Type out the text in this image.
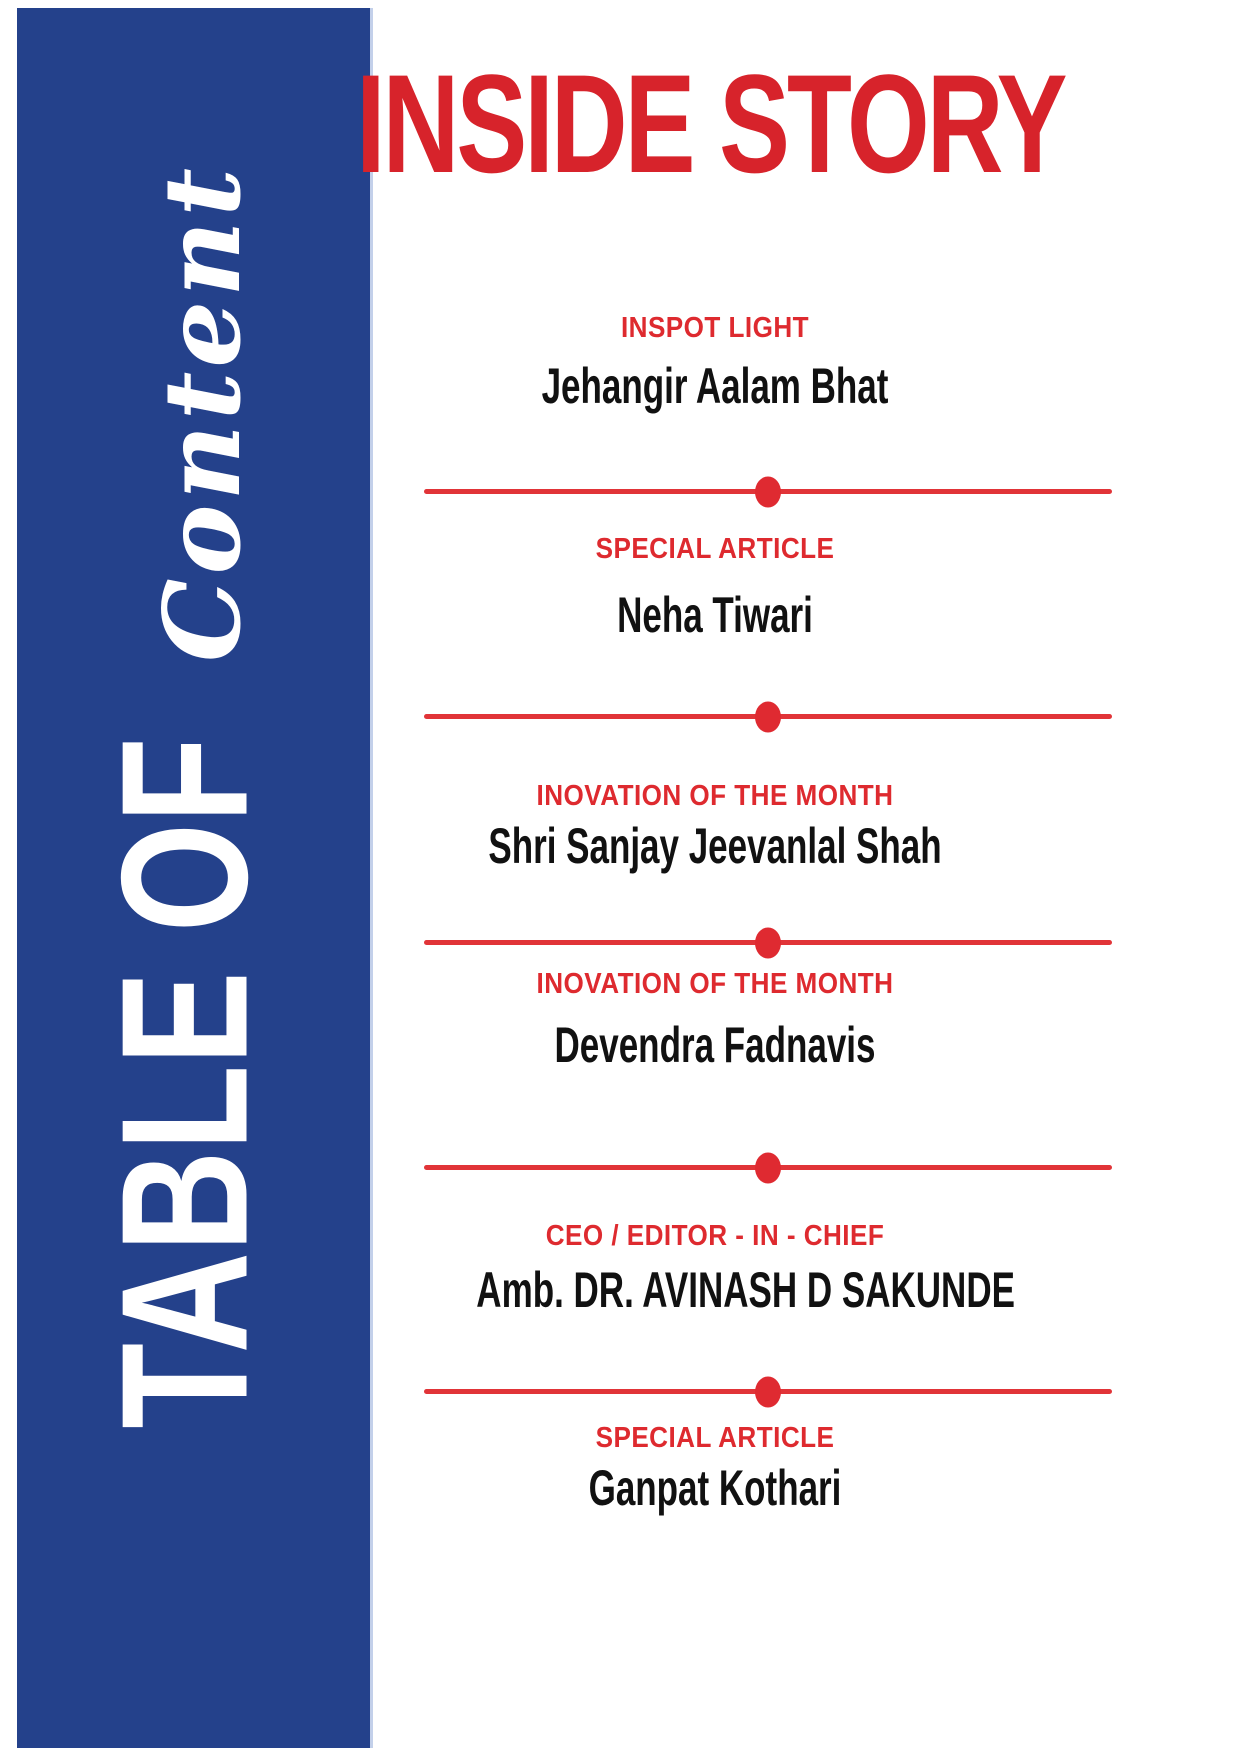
Content
TABLE OF
INSIDE STORY
INSPOT LIGHT
Jehangir Aalam Bhat
SPECIAL ARTICLE
Neha Tiwari
INOVATION OF THE MONTH
Shri Sanjay Jeevanlal Shah
INOVATION OF THE MONTH
Devendra Fadnavis
CEO / EDITOR - IN - CHIEF
Amb. DR. AVINASH D SAKUNDE
SPECIAL ARTICLE
Ganpat Kothari
